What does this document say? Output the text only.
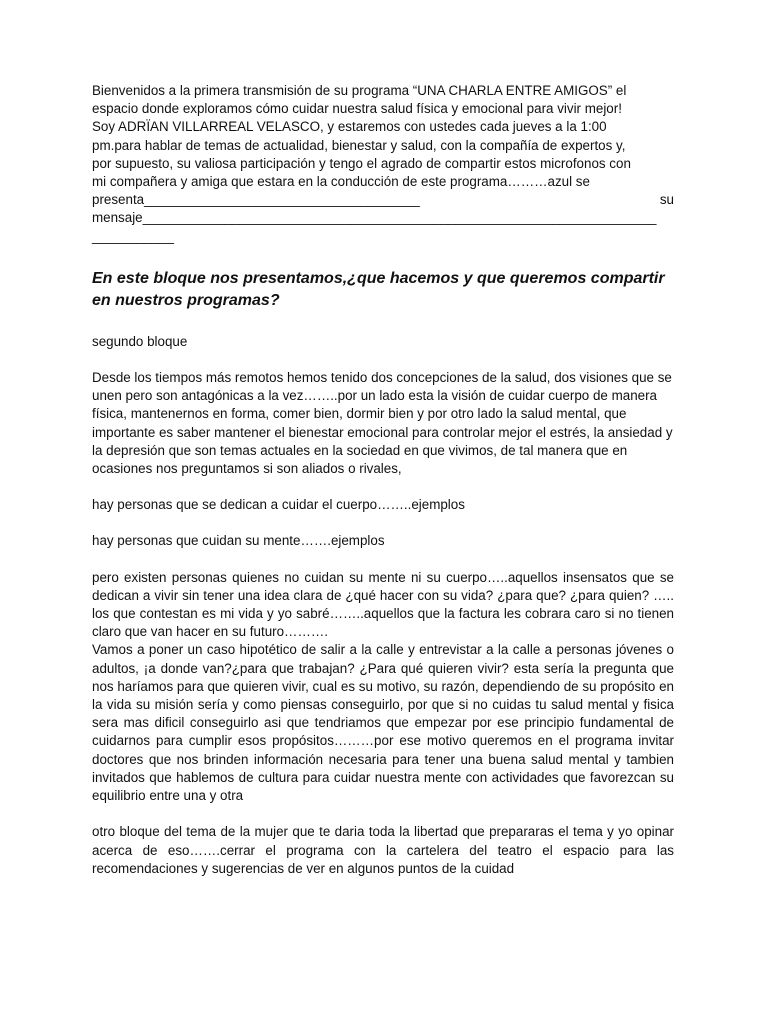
Bienvenidos a la primera transmisión de su programa “UNA CHARLA ENTRE AMIGOS” el
espacio donde exploramos cómo cuidar nuestra salud física y emocional para vivir mejor!
Soy ADRÏAN VILLARREAL VELASCO, y estaremos con ustedes cada jueves a la 1:00
pm.para hablar de temas de actualidad, bienestar y salud, con la compañía de expertos y,
por supuesto, su valiosa participación y tengo el agrado de compartir estos microfonos con
mi compañera y amiga que estara en la conducción de este programa………azul se
presenta_____________________________________	su
mensaje_____________________________________________________________________
___________

En este bloque nos presentamos,¿que hacemos y que queremos compartir en nuestros programas?

segundo bloque

Desde los tiempos más remotos hemos tenido dos concepciones de la salud, dos visiones que se unen pero son antagónicas a la vez……..por un lado esta la visión de cuidar cuerpo de manera física, mantenernos en forma, comer bien, dormir bien y por otro lado la salud mental, que importante es saber mantener el bienestar emocional para controlar mejor el estrés, la ansiedad y la depresión que son temas actuales en la sociedad en que vivimos, de tal manera que en ocasiones nos preguntamos si son aliados o rivales,

hay personas que se dedican a cuidar el cuerpo……..ejemplos

hay personas que cuidan su mente…….ejemplos

pero existen personas quienes no cuidan su mente ni su cuerpo…..aquellos insensatos que se dedican a vivir sin tener una idea clara de ¿qué hacer con su vida? ¿para que? ¿para quien? ….. los que contestan es mi vida y yo sabré……..aquellos que la factura les cobrara caro si no tienen claro que van hacer en su futuro……….

Vamos a poner un caso hipotético de salir a la calle y entrevistar a la calle a personas jóvenes o adultos, ¡a donde van?¿para que trabajan? ¿Para qué quieren vivir? esta sería la pregunta que nos haríamos para que quieren vivir, cual es su motivo, su razón, dependiendo de su propósito en la vida su misión sería y como piensas conseguirlo, por que si no cuidas tu salud mental y fisica sera mas dificil conseguirlo asi que tendriamos que empezar por ese principio fundamental de cuidarnos para cumplir esos propósitos………por ese motivo queremos en el programa invitar doctores que nos brinden información necesaria para tener una buena salud mental y tambien invitados que hablemos de cultura para cuidar nuestra mente con actividades que favorezcan su equilibrio entre una y otra

otro bloque del tema de la mujer que te daria toda la libertad que prepararas el tema y yo opinar acerca de eso…….cerrar el programa con la cartelera del teatro el espacio para las recomendaciones y sugerencias de ver en algunos puntos de la cuidad
